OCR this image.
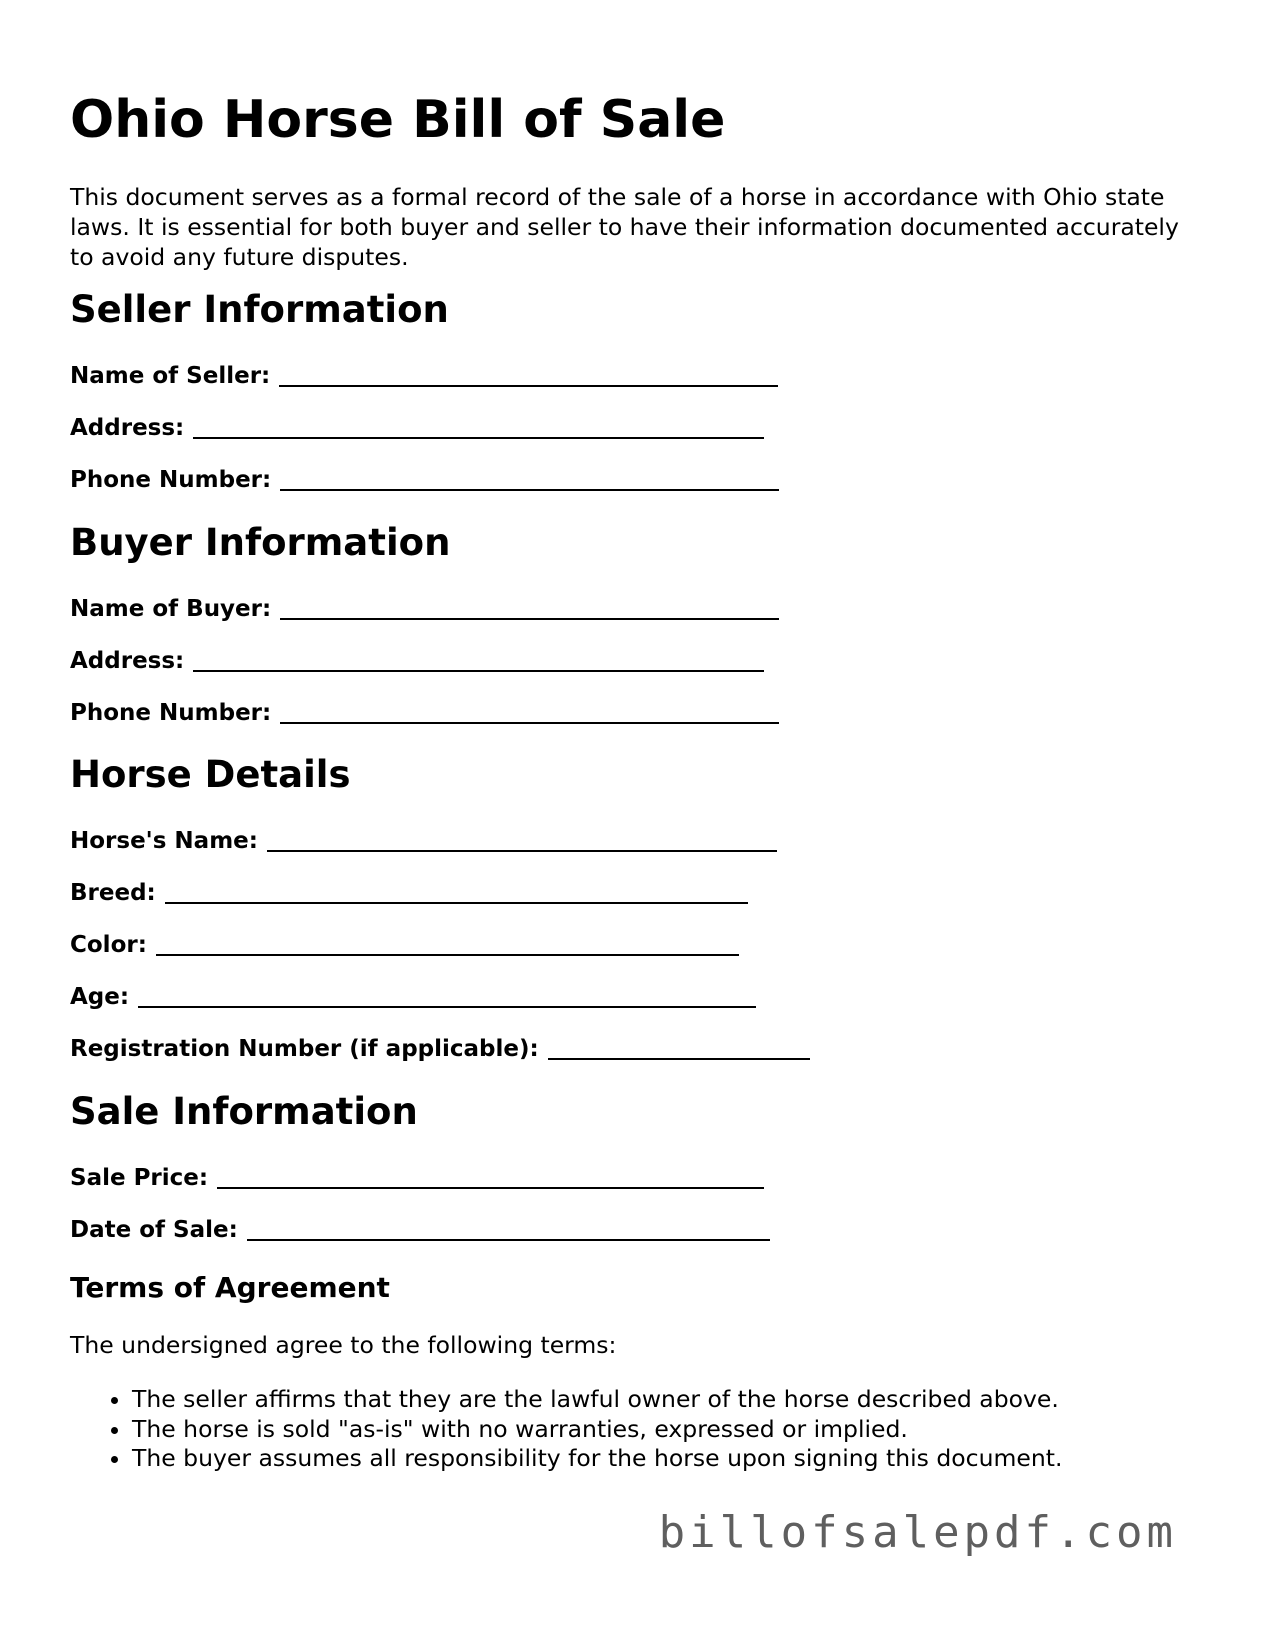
Ohio Horse Bill of Sale

This document serves as a formal record of the sale of a horse in accordance with Ohio state laws. It is essential for both buyer and seller to have their information documented accurately to avoid any future disputes.

Seller Information
Name of Seller:
Address:
Phone Number:
Buyer Information
Name of Buyer:
Address:
Phone Number:
Horse Details
Horse's Name:
Breed:
Color:
Age:
Registration Number (if applicable):
Sale Information
Sale Price:
Date of Sale:
Terms of Agreement

The undersigned agree to the following terms:

• The seller affirms that they are the lawful owner of the horse described above.
• The horse is sold "as-is" with no warranties, expressed or implied.
• The buyer assumes all responsibility for the horse upon signing this document.
billofsalepdf.com
